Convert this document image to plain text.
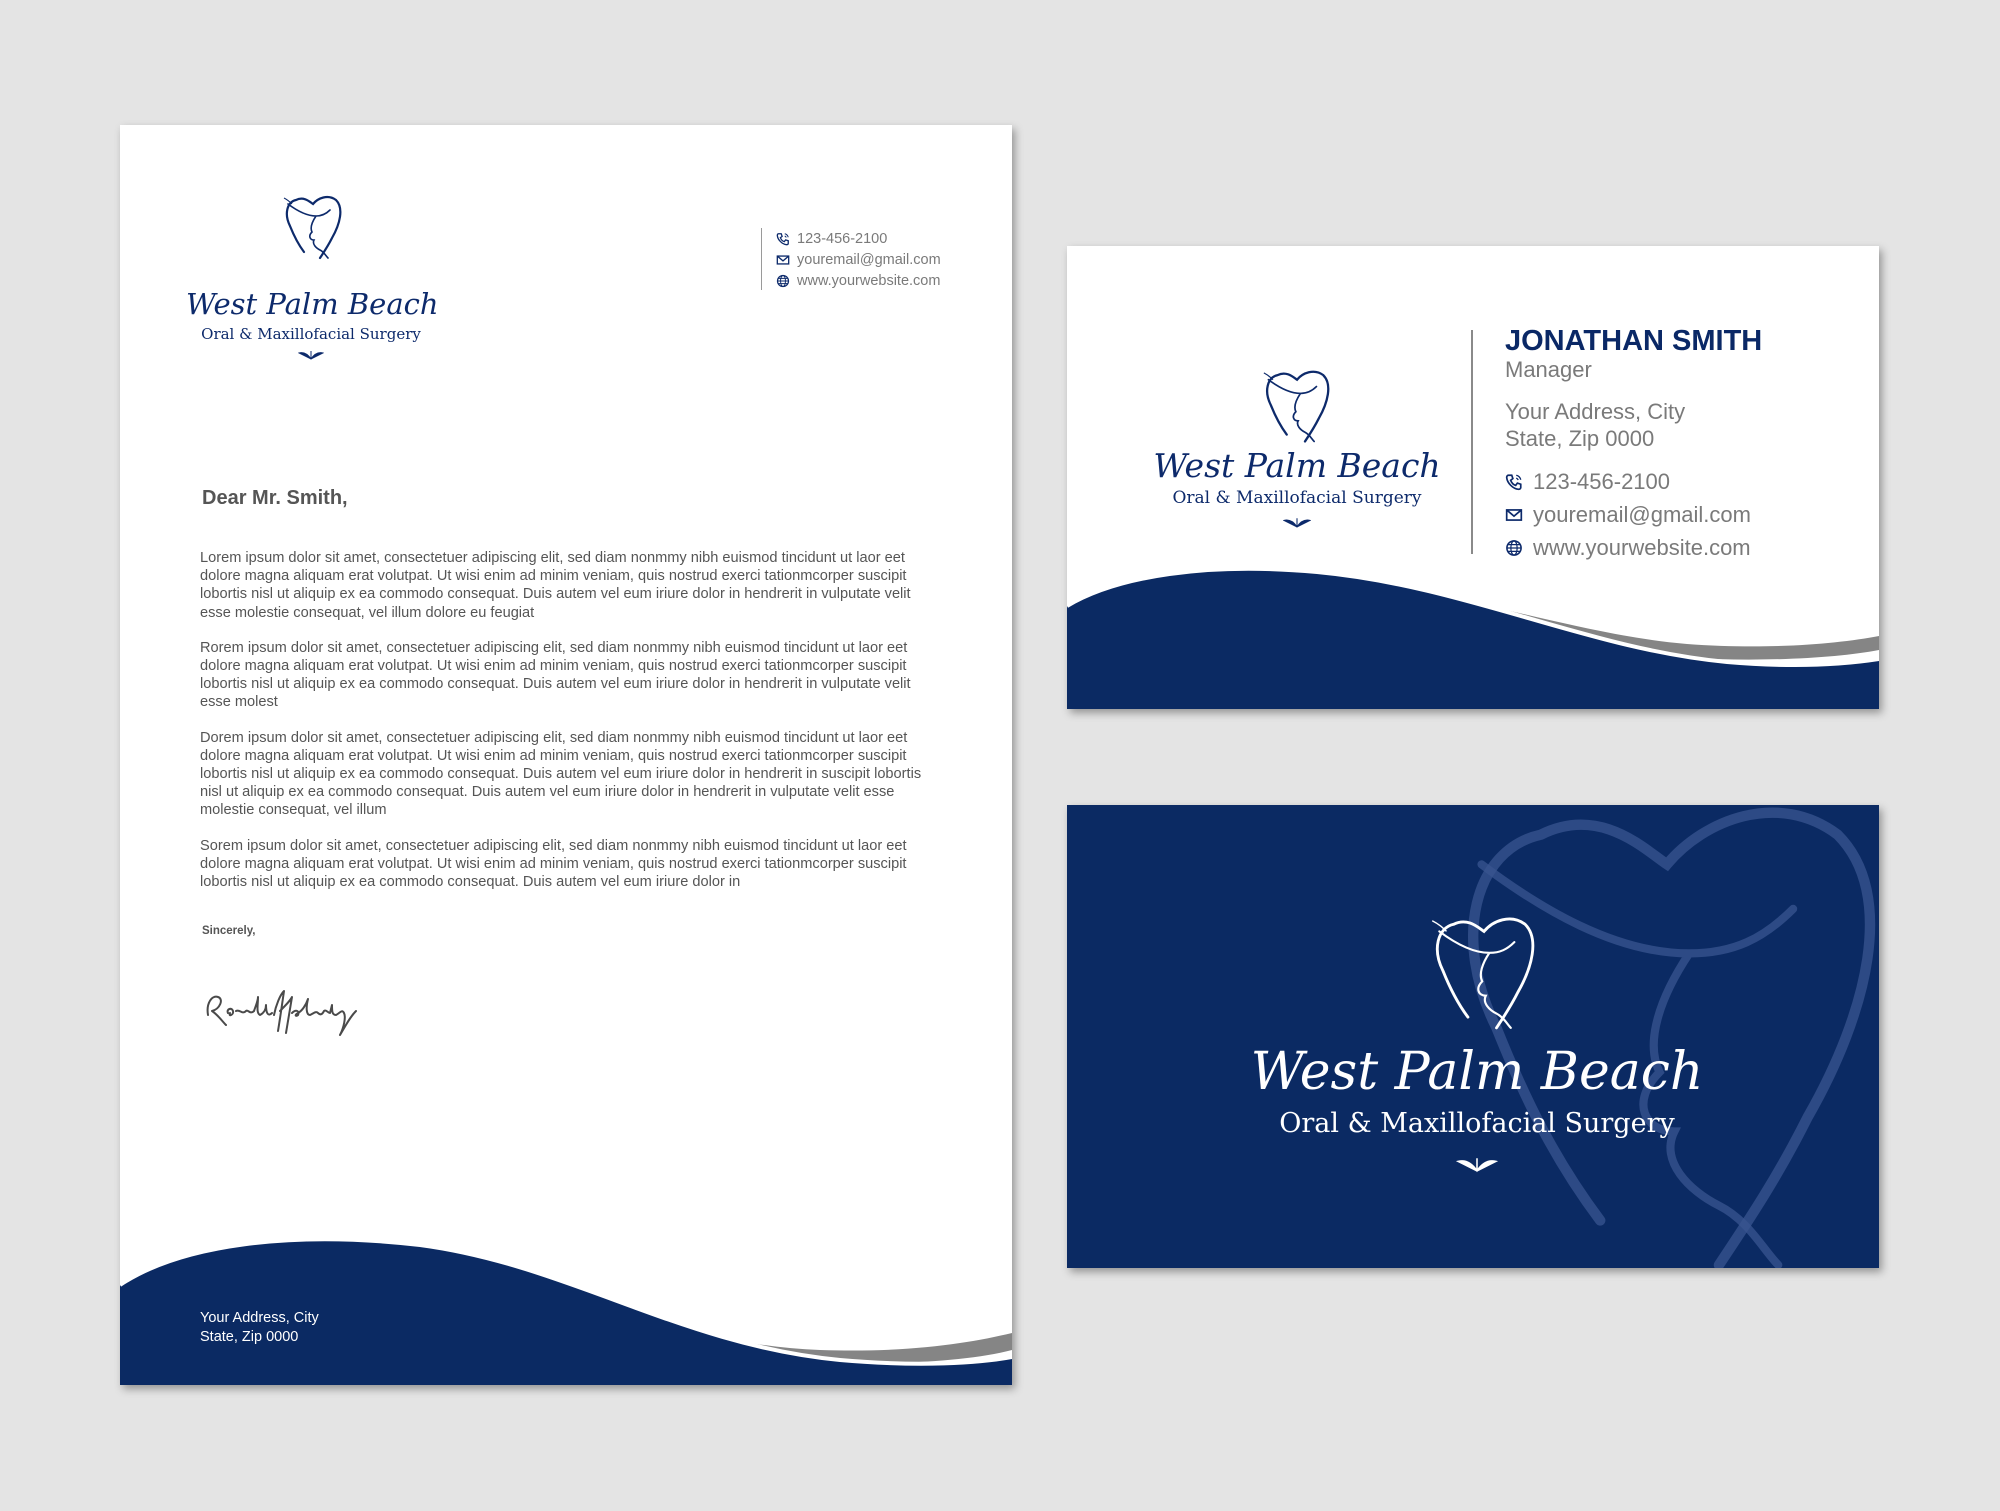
West Palm Beach
Oral & Maxillofacial Surgery
123-456-2100
youremail@gmail.com
www.yourwebsite.com
Dear Mr. Smith,

Lorem ipsum dolor sit amet, consectetuer adipiscing elit, sed diam nonmmy nibh euismod tincidunt ut laor eet dolore magna aliquam erat volutpat. Ut wisi enim ad minim veniam, quis nostrud exerci tationmcorper suscipit lobortis nisl ut aliquip ex ea commodo consequat. Duis autem vel eum iriure dolor in hendrerit in vulputate velit esse molestie consequat, vel illum dolore eu feugiat

Rorem ipsum dolor sit amet, consectetuer adipiscing elit, sed diam nonmmy nibh euismod tincidunt ut laor eet dolore magna aliquam erat volutpat. Ut wisi enim ad minim veniam, quis nostrud exerci tationmcorper suscipit lobortis nisl ut aliquip ex ea commodo consequat. Duis autem vel eum iriure dolor in hendrerit in vulputate velit esse molest

Dorem ipsum dolor sit amet, consectetuer adipiscing elit, sed diam nonmmy nibh euismod tincidunt ut laor eet dolore magna aliquam erat volutpat. Ut wisi enim ad minim veniam, quis nostrud exerci tationmcorper suscipit lobortis nisl ut aliquip ex ea commodo consequat. Duis autem vel eum iriure dolor in hendrerit in suscipit lobortis nisl ut aliquip ex ea commodo consequat. Duis autem vel eum iriure dolor in hendrerit in vulputate velit esse molestie consequat, vel illum

Sorem ipsum dolor sit amet, consectetuer adipiscing elit, sed diam nonmmy nibh euismod tincidunt ut laor eet dolore magna aliquam erat volutpat. Ut wisi enim ad minim veniam, quis nostrud exerci tationmcorper suscipit lobortis nisl ut aliquip ex ea commodo consequat. Duis autem vel eum iriure dolor in

Sincerely,
Your Address, City
State, Zip 0000
West Palm Beach
Oral & Maxillofacial Surgery
JONATHAN SMITH
Manager
Your Address, City
State, Zip 0000
123-456-2100
youremail@gmail.com
www.yourwebsite.com
West Palm Beach
Oral & Maxillofacial Surgery
